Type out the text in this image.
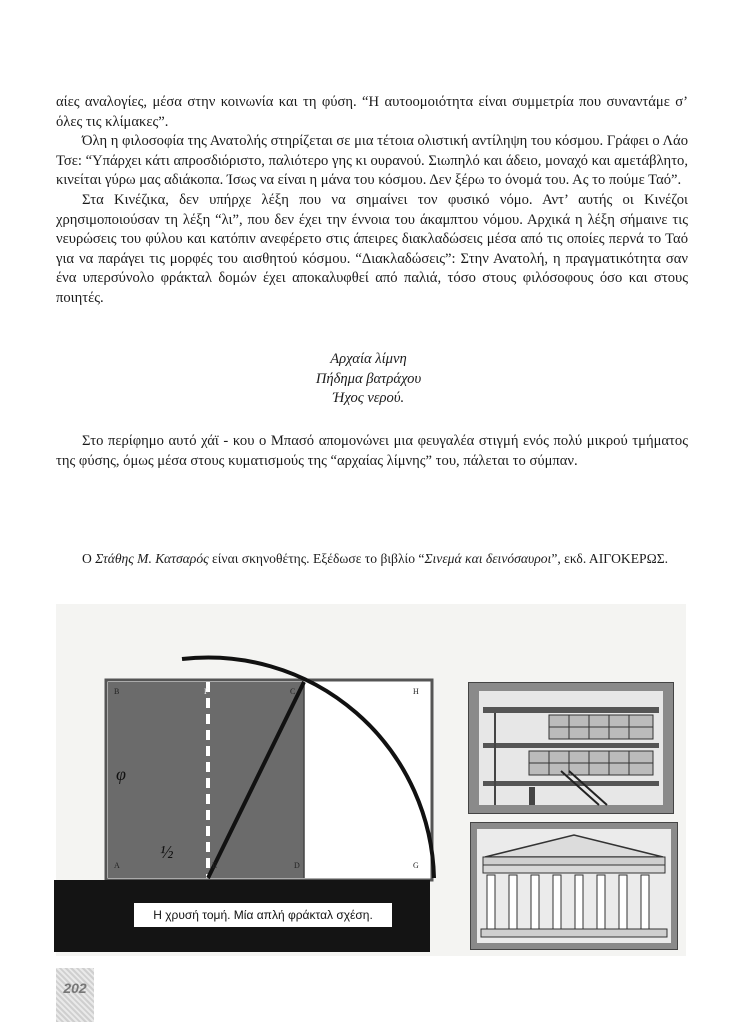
αίες αναλογίες, μέσα στην κοινωνία και τη φύση. “Η αυτοομοιότητα είναι συμμετρία που συναντάμε σ’ όλες τις κλίμακες”.

Όλη η φιλοσοφία της Ανατολής στηρίζεται σε μια τέτοια ολιστική αντίληψη του κόσμου. Γράφει ο Λάο Τσε: “Υπάρχει κάτι απροσδιόριστο, παλιότερο γης κι ουρανού. Σιωπηλό και άδειο, μοναχό και αμετάβλητο, κινείται γύρω μας αδιάκοπα. Ίσως να είναι η μάνα του κόσμου. Δεν ξέρω το όνομά του. Ας το πούμε Ταό”.

Στα Κινέζικα, δεν υπήρχε λέξη που να σημαίνει τον φυσικό νόμο. Αντ’ αυτής οι Κινέζοι χρησιμοποιούσαν τη λέξη “λι”, που δεν έχει την έννοια του άκαμπτου νόμου. Αρχικά η λέξη σήμαινε τις νευρώσεις του φύλου και κατόπιν ανεφέρετο στις άπειρες διακλαδώσεις μέσα από τις οποίες περνά το Ταό για να παράγει τις μορφές του αισθητού κόσμου. “Διακλαδώσεις”: Στην Ανατολή, η πραγματικότητα σαν ένα υπερσύνολο φράκταλ δομών έχει αποκαλυφθεί από παλιά, τόσο στους φιλόσοφους όσο και στους ποιητές.

Αρχαία λίμνη
Πήδημα βατράχου
Ήχος νερού.

Στο περίφημο αυτό χάϊ - κου ο Μπασό απομονώνει μια φευγαλέα στιγμή ενός πολύ μικρού τμήματος της φύσης, όμως μέσα στους κυματισμούς της “αρχαίας λίμνης” του, πάλεται το σύμπαν.

Ο Στάθης Μ. Κατσαρός είναι σκηνοθέτης. Εξέδωσε το βιβλίο “Σινεμά και δεινόσαυροι”, εκδ. ΑΙΓΟΚΕΡΩΣ.

B	F	C	H
A	E	D	G
φ
½
Η χρυσή τομή. Μία απλή φράκταλ σχέση.
202
